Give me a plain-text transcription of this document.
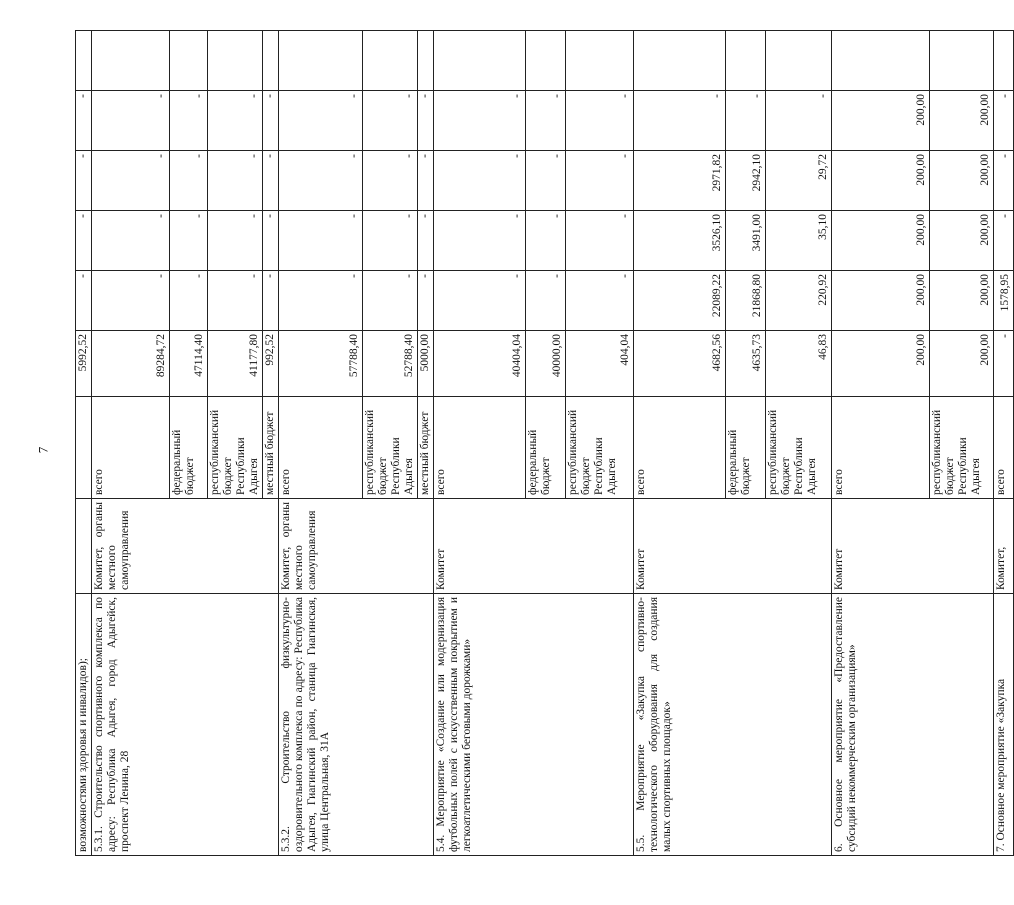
7
возможностями здоровья и инвалидов);			5992,52	-	-	-	-	
5.3.1. Строительство спортивного комплекса по адресу: Республика Адыгея, город Адыгейск, проспект Ленина, 28	Комитет, органы местного самоуправления	всего	89284,72	-	-	-	-	
		федеральный бюджет	47114,40	-	-	-	-	
		республиканский бюджет Республики Адыгея	41177,80	-	-	-	-	
		местный бюджет	992,52	-	-	-	-	
5.3.2. Строительство физкультурно-оздоровительного комплекса по адресу: Республика Адыгея, Гиагинский район, станица Гиагинская, улица Центральная, 31А	Комитет, органы местного самоуправления	всего	57788,40	-	-	-	-	
		республиканский бюджет Республики Адыгея	52788,40	-	-	-	-	
		местный бюджет	5000,00	-	-	-	-	
5.4. Мероприятие «Создание или модернизация футбольных полей с искусственным покрытием и легкоатлетическими беговыми дорожками»	Комитет	всего	40404,04	-	-	-	-	
		федеральный бюджет	40000,00	-	-	-	-	
		республиканский бюджет Республики Адыгея	404,04	-	-	-	-	
5.5. Мероприятие «Закупка спортивно-технологического оборудования для создания малых спортивных площадок»	Комитет	всего	4682,56	22089,22	3526,10	2971,82	-	
		федеральный бюджет	4635,73	21868,80	3491,00	2942,10	-	
		республиканский бюджет Республики Адыгея	46,83	220,92	35,10	29,72	-	
6. Основное мероприятие «Предоставление субсидий некоммерческим организациям»	Комитет	всего	200,00	200,00	200,00	200,00	200,00	
		республиканский бюджет Республики Адыгея	200,00	200,00	200,00	200,00	200,00	
7. Основное мероприятие «Закупка	Комитет,	всего	-	1578,95	-	-	-	
